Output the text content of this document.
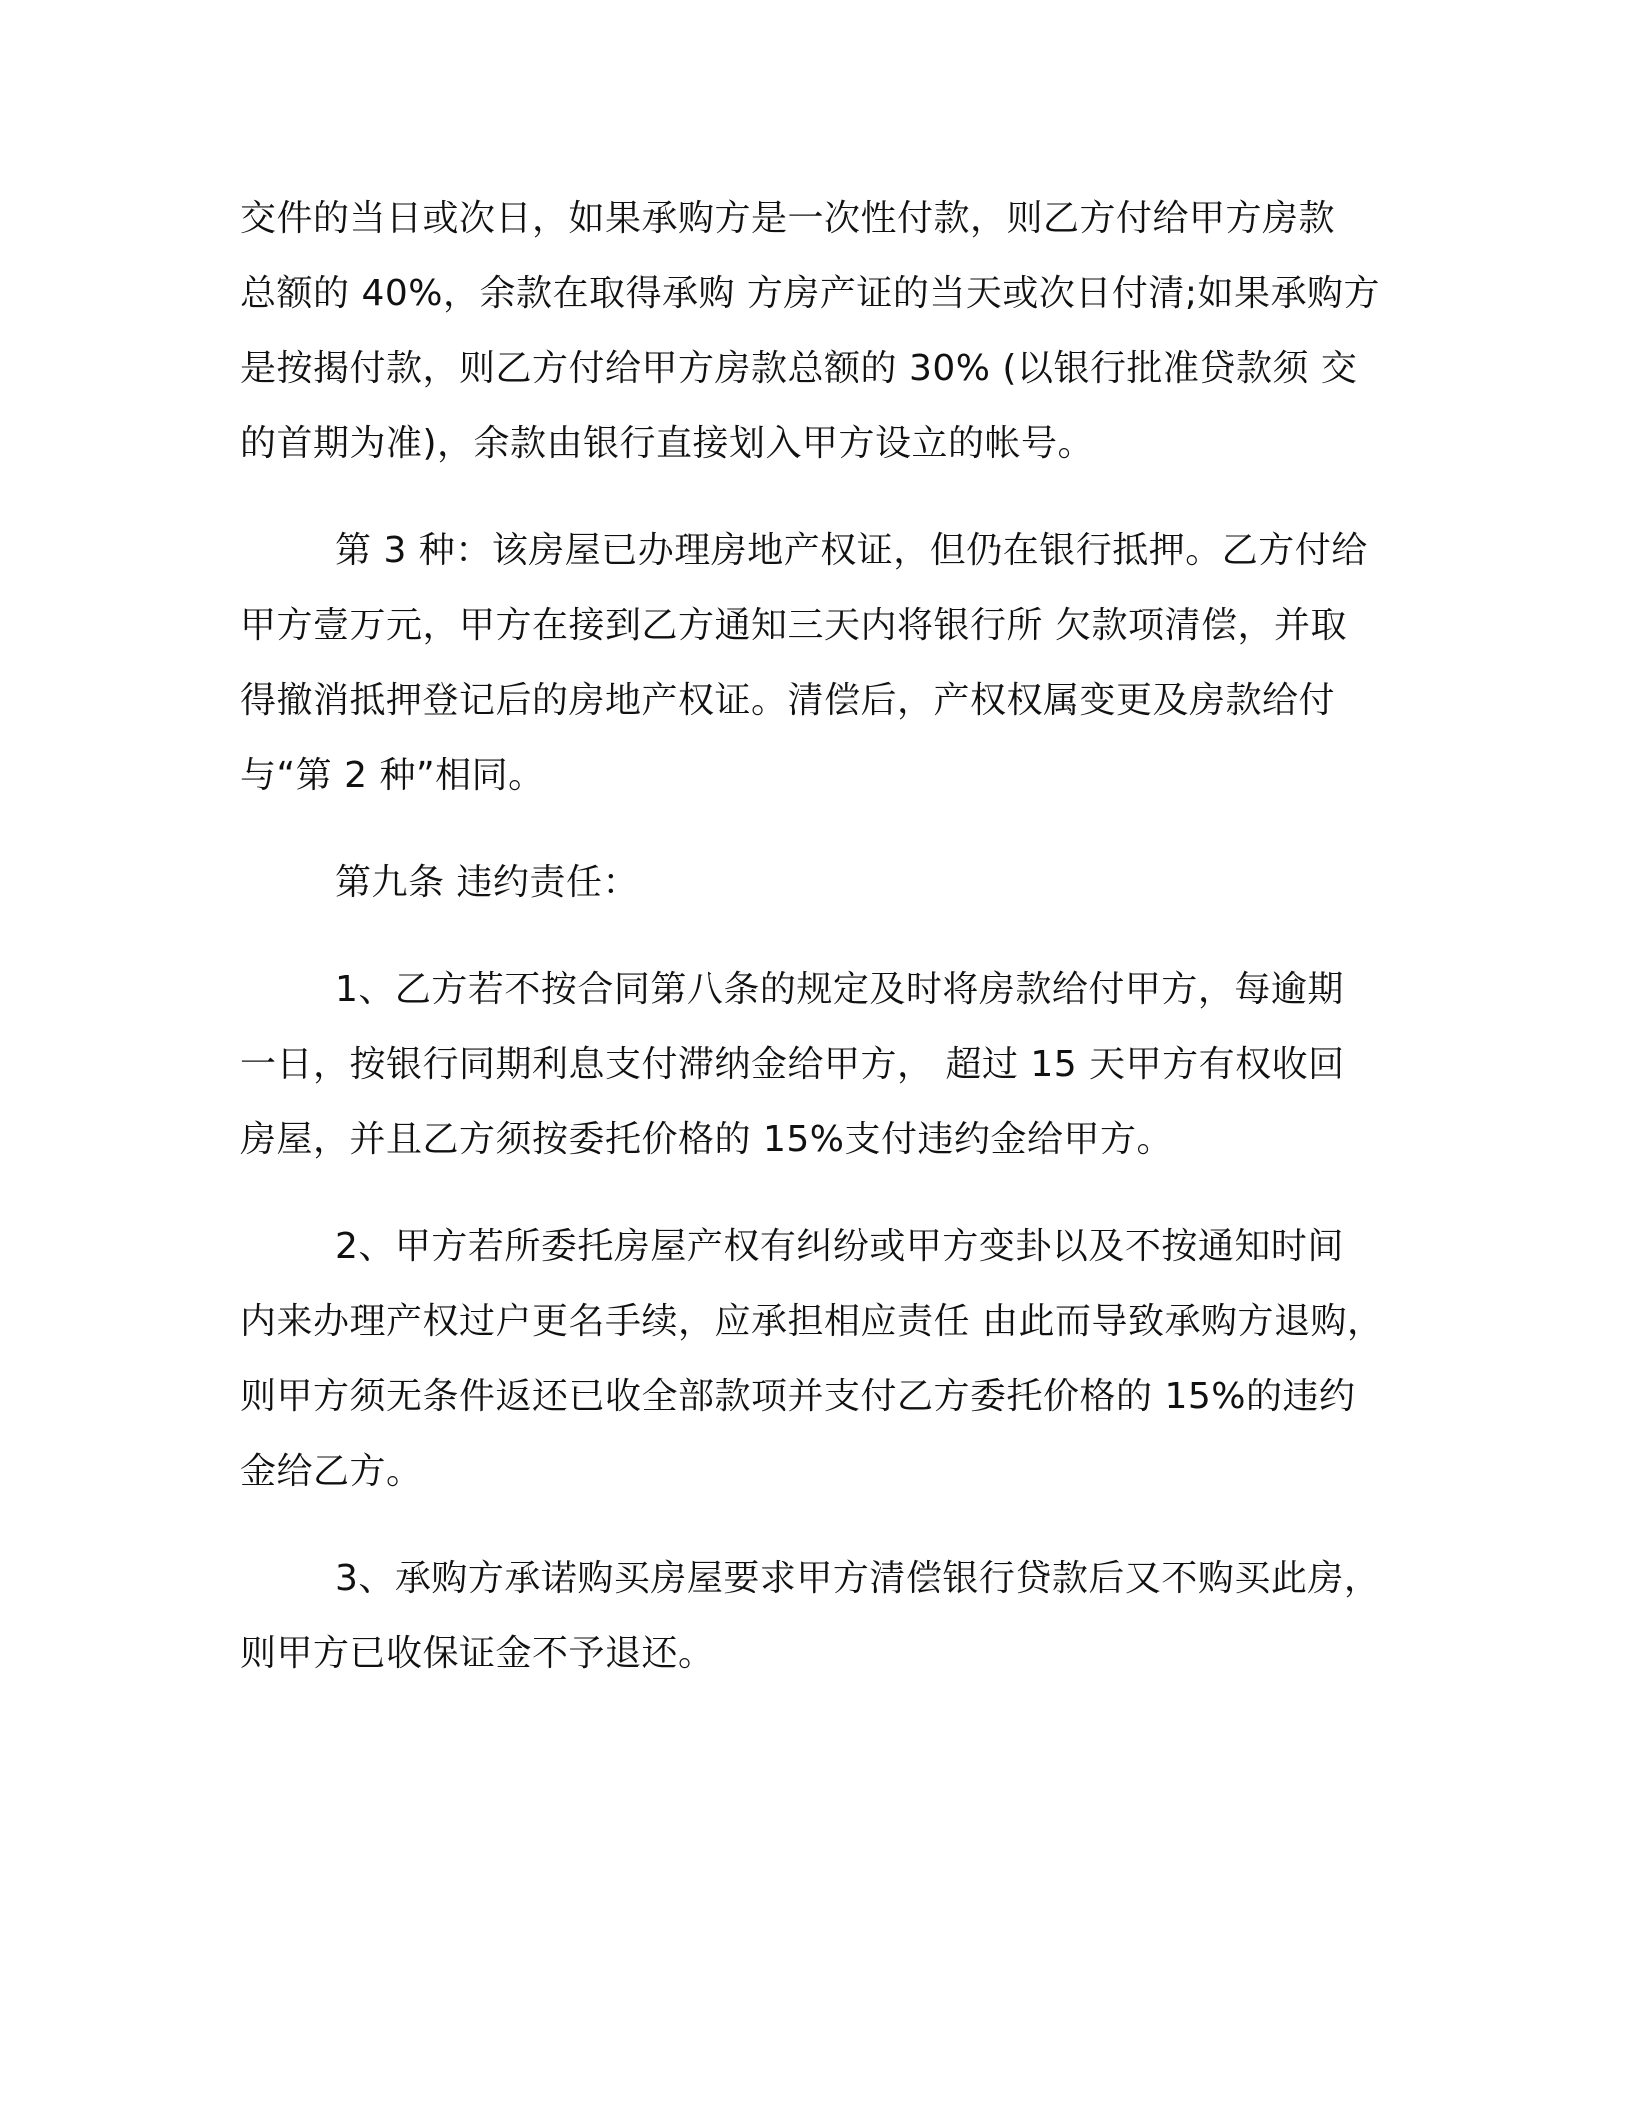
交件的当日或次日，如果承购方是一次性付款，则乙方付给甲方房款
总额的 40%，余款在取得承购 方房产证的当天或次日付清;如果承购方
是按揭付款，则乙方付给甲方房款总额的 30% (以银行批准贷款须 交
的首期为准)，余款由银行直接划入甲方设立的帐号。
第 3 种：该房屋已办理房地产权证，但仍在银行抵押。乙方付给
甲方壹万元，甲方在接到乙方通知三天内将银行所 欠款项清偿，并取
得撤消抵押登记后的房地产权证。清偿后，产权权属变更及房款给付
与“第 2 种”相同。
第九条 违约责任：
1、乙方若不按合同第八条的规定及时将房款给付甲方，每逾期
一日，按银行同期利息支付滞纳金给甲方， 超过 15 天甲方有权收回
房屋，并且乙方须按委托价格的 15%支付违约金给甲方。
2、甲方若所委托房屋产权有纠纷或甲方变卦以及不按通知时间
内来办理产权过户更名手续，应承担相应责任 由此而导致承购方退购，
则甲方须无条件返还已收全部款项并支付乙方委托价格的 15%的违约
金给乙方。
3、承购方承诺购买房屋要求甲方清偿银行贷款后又不购买此房，
则甲方已收保证金不予退还。
